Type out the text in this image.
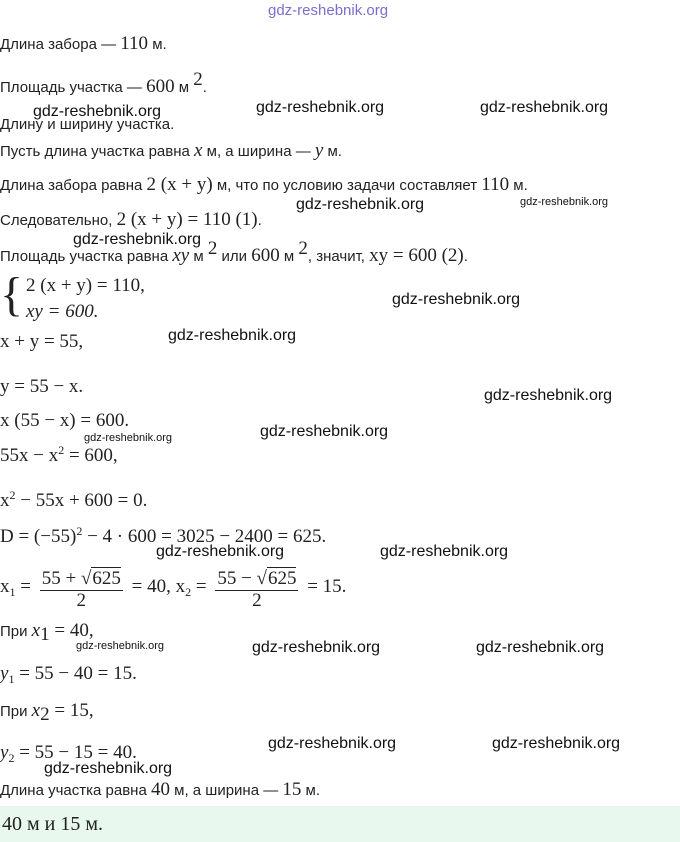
gdz-reshebnik.org
Длина забора — 110 м.
Площадь участка — 600 м $^2$.
Длину и ширину участка.
Пусть длина участка равна x м, а ширина — y м.
Длина забора равна 2 (x + y) м, что по условию задачи составляет 110 м.
Следовательно, 2 (x + y) = 110 (1).
Площадь участка равна xy м $^2$ или 600 м $^2$, значит, xy = 600 (2).
{ 2 (x + y) = 110,
xy = 600.
x + y = 55,
y = 55 − x.
x (55 − x) = 600.
$55x - x^2 = 600$,
$x^2 - 55x + 600 = 0$.
$D = (-55)^2 - 4 \cdot 600 = 3025 - 2400 = 625$.
$x_1 = \frac{55 + √625}{2} = 40$, $x_2 = \frac{55 - √625}{2} = 15$.
При $x_1 = 40$,
$y_1 = 55 - 40 = 15$.
При $x_2 = 15$,
$y_2 = 55 - 15 = 40$.
Длина участка равна 40 м, а ширина — 15 м.
40 м и 15 м.
gdz-reshebnik.org	gdz-reshebnik.org	gdz-reshebnik.org
gdz-reshebnik.org	gdz-reshebnik.org
gdz-reshebnik.org
gdz-reshebnik.org
gdz-reshebnik.org
gdz-reshebnik.org
gdz-reshebnik.org	gdz-reshebnik.org
gdz-reshebnik.org	gdz-reshebnik.org
gdz-reshebnik.org	gdz-reshebnik.org	gdz-reshebnik.org
gdz-reshebnik.org	gdz-reshebnik.org
gdz-reshebnik.org
